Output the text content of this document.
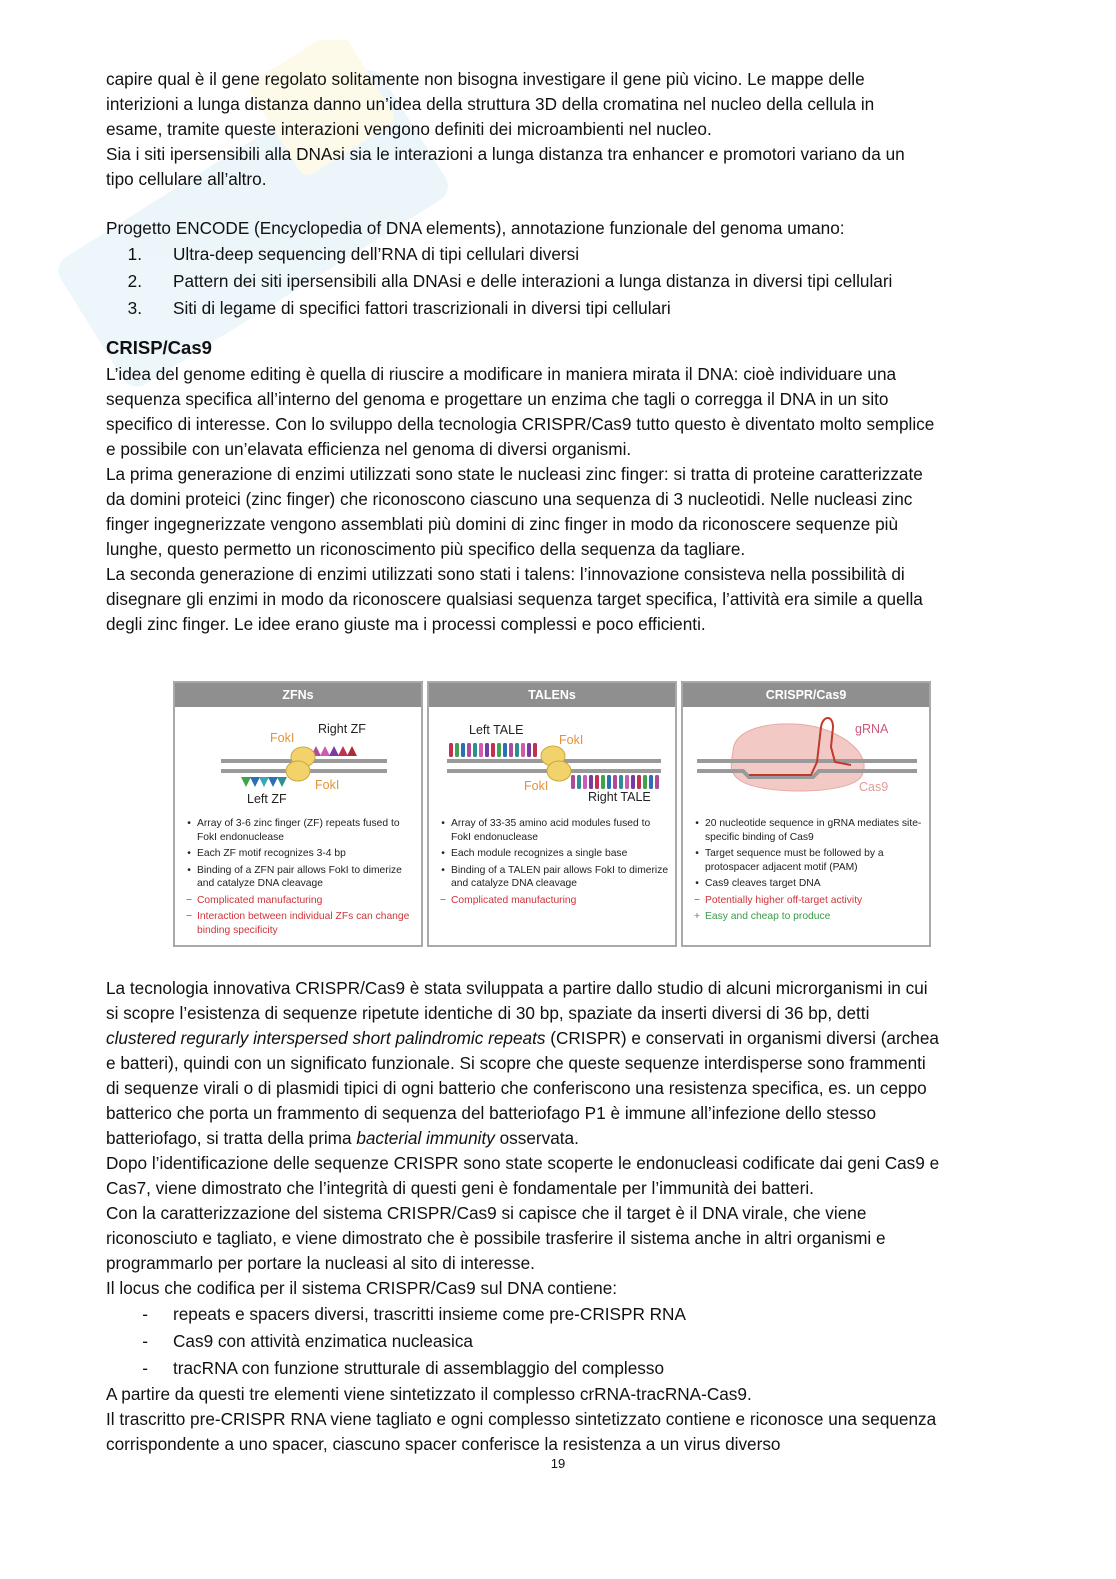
capire qual è il gene regolato solitamente non bisogna investigare il gene più vicino. Le mappe delle
interizioni a lunga distanza danno un’idea della struttura 3D della cromatina nel nucleo della cellula in
esame, tramite queste interazioni vengono definiti dei microambienti nel nucleo.
Sia i siti ipersensibili alla DNAsi sia le interazioni a lunga distanza tra enhancer e promotori variano da un
tipo cellulare all’altro.
Progetto ENCODE (Encyclopedia of DNA elements), annotazione funzionale del genoma umano:
1.	Ultra-deep sequencing dell’RNA di tipi cellulari diversi
2.	Pattern dei siti ipersensibili alla DNAsi e delle interazioni a lunga distanza in diversi tipi cellulari
3.	Siti di legame di specifici fattori trascrizionali in diversi tipi cellulari
CRISP/Cas9
L’idea del genome editing è quella di riuscire a modificare in maniera mirata il DNA: cioè individuare una
sequenza specifica all’interno del genoma e progettare un enzima che tagli o corregga il DNA in un sito
specifico di interesse. Con lo sviluppo della tecnologia CRISPR/Cas9 tutto questo è diventato molto semplice
e possibile con un’elavata efficienza nel genoma di diversi organismi.
La prima generazione di enzimi utilizzati sono state le nucleasi zinc finger: si tratta di proteine caratterizzate
da domini proteici (zinc finger) che riconoscono ciascuno una sequenza di 3 nucleotidi. Nelle nucleasi zinc
finger ingegnerizzate vengono assemblati più domini di zinc finger in modo da riconoscere sequenze più
lunghe, questo permetto un riconoscimento più specifico della sequenza da tagliare.
La seconda generazione di enzimi utilizzati sono stati i talens: l’innovazione consisteva nella possibilità di
disegnare gli enzimi in modo da riconoscere qualsiasi sequenza target specifica, l’attività era simile a quella
degli zinc finger. Le idee erano giuste ma i processi complessi e poco efficienti.
ZFNs
FokI
Right ZF
Left ZF
FokI
• Array of 3-6 zinc finger (ZF) repeats fused to FokI endonuclease
• Each ZF motif recognizes 3-4 bp
• Binding of a ZFN pair allows FokI to dimerize and catalyze DNA cleavage
− Complicated manufacturing
− Interaction between individual ZFs can change binding specificity
TALENs
Left TALE
FokI
FokI
Right TALE
• Array of 33-35 amino acid modules fused to FokI endonuclease
• Each module recognizes a single base
• Binding of a TALEN pair allows FokI to dimerize and catalyze DNA cleavage
− Complicated manufacturing
CRISPR/Cas9
gRNA
Cas9
• 20 nucleotide sequence in gRNA mediates site-specific binding of Cas9
• Target sequence must be followed by a protospacer adjacent motif (PAM)
• Cas9 cleaves target DNA
− Potentially higher off-target activity
+ Easy and cheap to produce
La tecnologia innovativa CRISPR/Cas9 è stata sviluppata a partire dallo studio di alcuni microrganismi in cui
si scopre l’esistenza di sequenze ripetute identiche di 30 bp, spaziate da inserti diversi di 36 bp, detti
clustered regurarly interspersed short palindromic repeats (CRISPR) e conservati in organismi diversi (archea
e batteri), quindi con un significato funzionale. Si scopre che queste sequenze interdisperse sono frammenti
di sequenze virali o di plasmidi tipici di ogni batterio che conferiscono una resistenza specifica, es. un ceppo
batterico che porta un frammento di sequenza del batteriofago P1 è immune all’infezione dello stesso
batteriofago, si tratta della prima bacterial immunity osservata.
Dopo l’identificazione delle sequenze CRISPR sono state scoperte le endonucleasi codificate dai geni Cas9 e
Cas7, viene dimostrato che l’integrità di questi geni è fondamentale per l’immunità dei batteri.
Con la caratterizzazione del sistema CRISPR/Cas9 si capisce che il target è il DNA virale, che viene
riconosciuto e tagliato, e viene dimostrato che è possibile trasferire il sistema anche in altri organismi e
programmarlo per portare la nucleasi al sito di interesse.
Il locus che codifica per il sistema CRISPR/Cas9 sul DNA contiene:
-	repeats e spacers diversi, trascritti insieme come pre-CRISPR RNA
-	Cas9 con attività enzimatica nucleasica
-	tracRNA con funzione strutturale di assemblaggio del complesso
A partire da questi tre elementi viene sintetizzato il complesso crRNA-tracRNA-Cas9.
Il trascritto pre-CRISPR RNA viene tagliato e ogni complesso sintetizzato contiene e riconosce una sequenza
corrispondente a uno spacer, ciascuno spacer conferisce la resistenza a un virus diverso
19
